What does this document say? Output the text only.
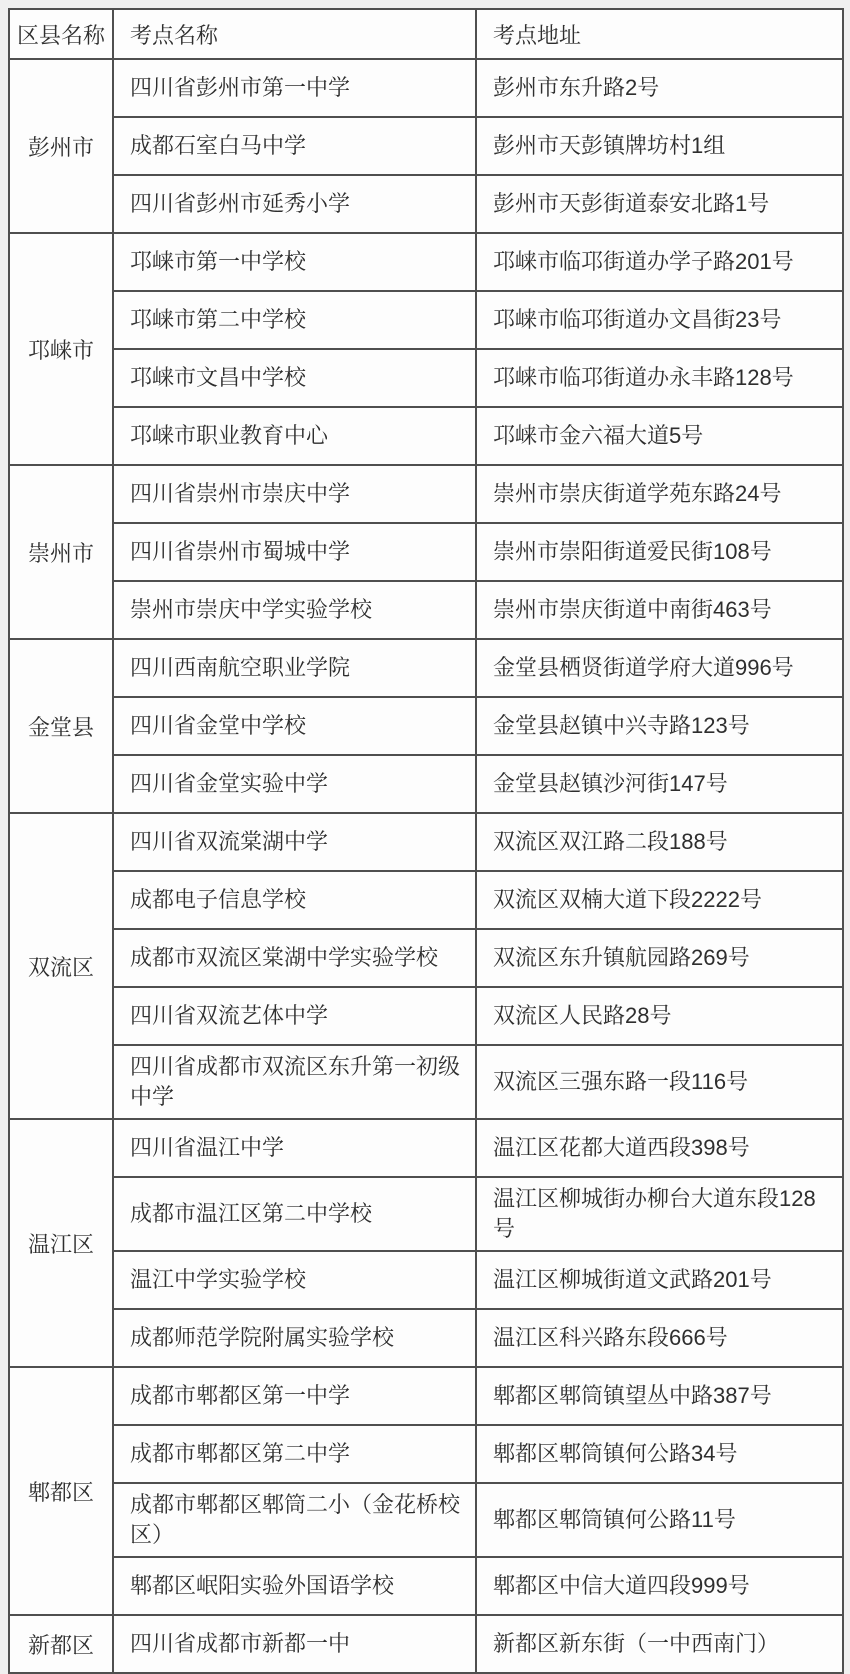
区县名称	考点名称	考点地址
彭州市	四川省彭州市第一中学	彭州市东升路2号
	成都石室白马中学	彭州市天彭镇牌坊村1组
	四川省彭州市延秀小学	彭州市天彭街道泰安北路1号
邛崃市	邛崃市第一中学校	邛崃市临邛街道办学子路201号
	邛崃市第二中学校	邛崃市临邛街道办文昌街23号
	邛崃市文昌中学校	邛崃市临邛街道办永丰路128号
	邛崃市职业教育中心	邛崃市金六福大道5号
崇州市	四川省崇州市崇庆中学	崇州市崇庆街道学苑东路24号
	四川省崇州市蜀城中学	崇州市崇阳街道爱民街108号
	崇州市崇庆中学实验学校	崇州市崇庆街道中南街463号
金堂县	四川西南航空职业学院	金堂县栖贤街道学府大道996号
	四川省金堂中学校	金堂县赵镇中兴寺路123号
	四川省金堂实验中学	金堂县赵镇沙河街147号
双流区	四川省双流棠湖中学	双流区双江路二段188号
	成都电子信息学校	双流区双楠大道下段2222号
	成都市双流区棠湖中学实验学校	双流区东升镇航园路269号
	四川省双流艺体中学	双流区人民路28号
	四川省成都市双流区东升第一初级中学	双流区三强东路一段116号
温江区	四川省温江中学	温江区花都大道西段398号
	成都市温江区第二中学校	温江区柳城街办柳台大道东段128号
	温江中学实验学校	温江区柳城街道文武路201号
	成都师范学院附属实验学校	温江区科兴路东段666号
郫都区	成都市郫都区第一中学	郫都区郫筒镇望丛中路387号
	成都市郫都区第二中学	郫都区郫筒镇何公路34号
	成都市郫都区郫筒二小（金花桥校区）	郫都区郫筒镇何公路11号
	郫都区岷阳实验外国语学校	郫都区中信大道四段999号
新都区	四川省成都市新都一中	新都区新东街（一中西南门）
